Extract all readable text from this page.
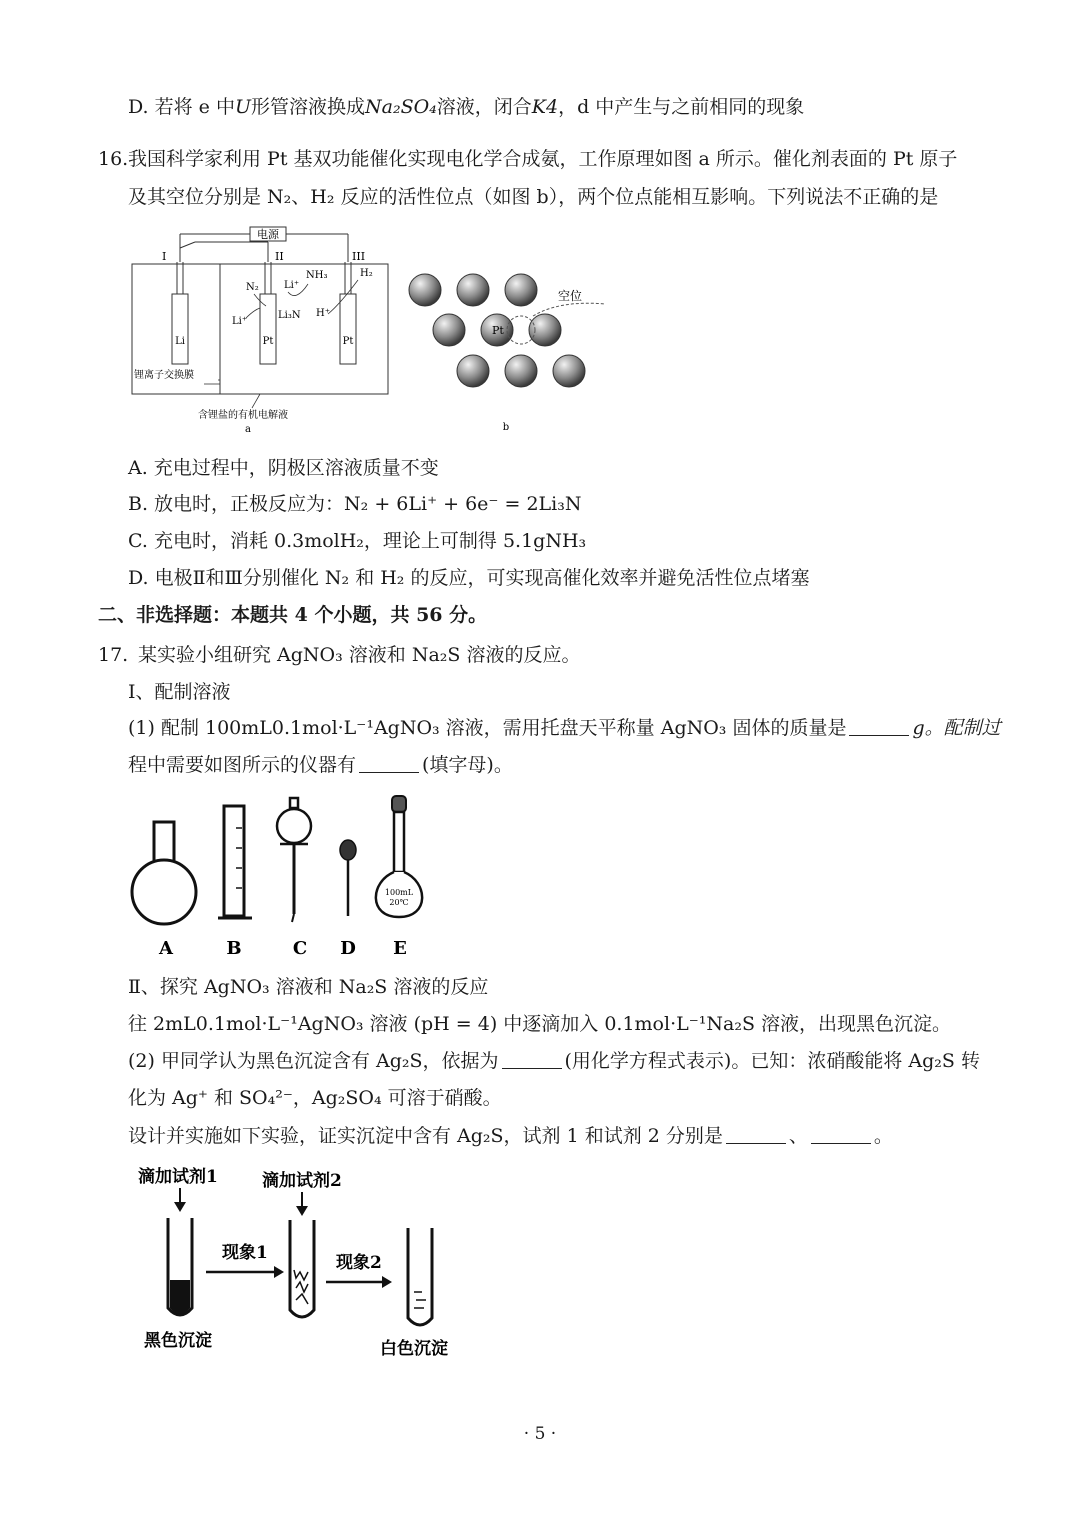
D. 若将 e 中U形管溶液换成Na₂SO₄溶液，闭合K4，d 中产生与之前相同的现象
16. 我国科学家利用 Pt 基双功能催化实现电化学合成氨，工作原理如图 a 所示。催化剂表面的 Pt 原子
及其空位分别是 N₂、H₂ 反应的活性位点（如图 b），两个位点能相互影响。下列说法不正确的是
电源
I	II	III
Li	Pt	Pt
N₂
NH₃
Li⁺
Li⁺
Li₃N H⁺
H₂
锂离子交换膜
含锂盐的有机电解液
a
Pt
空位
b
A. 充电过程中，阴极区溶液质量不变
B. 放电时，正极反应为：N₂ + 6Li⁺ + 6e⁻ = 2Li₃N
C. 充电时，消耗 0.3molH₂，理论上可制得 5.1gNH₃
D. 电极Ⅱ和Ⅲ分别催化 N₂ 和 H₂ 的反应，可实现高催化效率并避免活性位点堵塞
二、非选择题：本题共 4 个小题，共 56 分。
17. 某实验小组研究 AgNO₃ 溶液和 Na₂S 溶液的反应。
Ⅰ、配制溶液
(1) 配制 100mL0.1mol·L⁻¹AgNO₃ 溶液，需用托盘天平称量 AgNO₃ 固体的质量是	g。配制过
程中需要如图所示的仪器有	(填字母)。
A	B	C D
100mL
20℃
E
Ⅱ、探究 AgNO₃ 溶液和 Na₂S 溶液的反应
往 2mL0.1mol·L⁻¹AgNO₃ 溶液 (pH = 4) 中逐滴加入 0.1mol·L⁻¹Na₂S 溶液，出现黑色沉淀。
(2) 甲同学认为黑色沉淀含有 Ag₂S，依据为	(用化学方程式表示)。已知：浓硝酸能将 Ag₂S 转
化为 Ag⁺ 和 SO₄²⁻，Ag₂SO₄ 可溶于硝酸。
设计并实施如下实验，证实沉淀中含有 Ag₂S，试剂 1 和试剂 2 分别是	、	。
滴加试剂1
黑色沉淀
现象1
滴加试剂2
现象2
白色沉淀
· 5 ·
